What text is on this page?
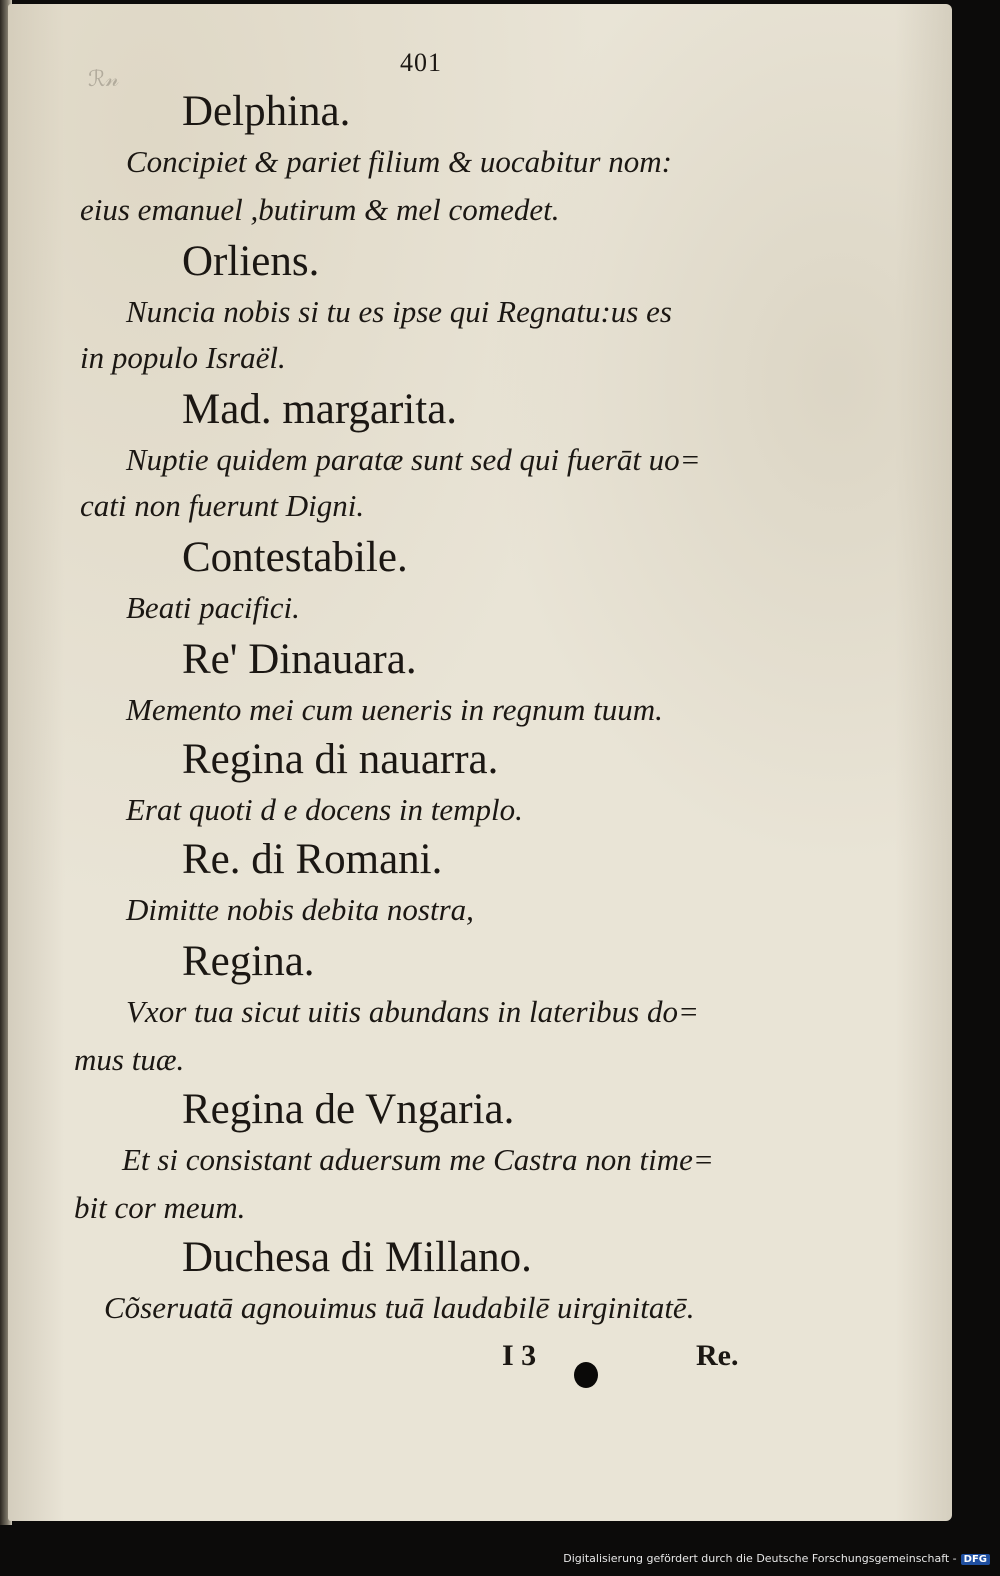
ℛ𝓃
401
Delphina.
Concipiet & pariet filium & uocabitur nom:
eius emanuel ,butirum & mel comedet.
Orliens.
Nuncia nobis si tu es ipse qui Regnatu:us es
in populo Israël.
Mad. margarita.
Nuptie quidem paratæ sunt sed qui fuerāt uo=
cati non fuerunt Digni.
Contestabile.
Beati pacifici.
Re' Dinauara.
Memento mei cum ueneris in regnum tuum.
Regina di nauarra.
Erat quoti d e docens in templo.
Re. di Romani.
Dimitte nobis debita nostra,
Regina.
Vxor tua sicut uitis abundans in lateribus do=
mus tuæ.
Regina de Vngaria.
Et si consistant aduersum me Castra non time=
bit cor meum.
Duchesa di Millano.
Cõseruatā agnouimus tuā laudabilē uirginitatē.
I 3	Re.
Digitalisierung gefördert durch die Deutsche Forschungsgemeinschaft - DFG
